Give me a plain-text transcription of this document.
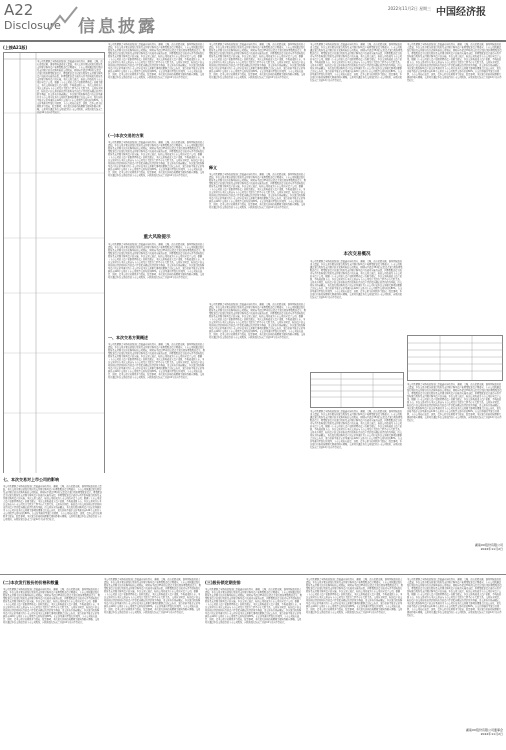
A22
Disclosure 信息披露
2022年11月2日 星期三 中国经济报
(上接A21版)

本公司及董事会全体成员保证信息披露内容的真实、准确、完整，没有虚假记载、误导性陈述或重大遗漏。本次交易方案包括发行股份及支付现金购买资产和募集配套资金两部分。上市公司拟通过发行股份及支付现金的方式购买标的公司股权，同时向不超过35名特定投资者发行股份募集配套资金。募集配套资金以发行股份及支付现金购买资产的成功实施为前提，但募集配套资金成功与否不影响发行股份及支付现金购买资产的实施。本次交易完成后，标的公司将成为上市公司的全资子公司。根据《上市公司重大资产重组管理办法》的相关规定，本次交易构成重大资产重组，不构成重组上市。本次交易对方在本次交易前与上市公司及其关联方之间不存在关联关系。交易各方同意，标的资产的交易价格以评估机构出具的资产评估报告确定的评估值为基础，由交易各方协商确定。本次发行股份购买资产的定价基准日为上市公司审议本次交易相关事项的董事会决议公告日，发行价格不低于定价基准日前120个交易日上市公司股票交易均价的80%。在定价基准日至发行日期间，上市公司如有派息、送股、资本公积金转增股本等除权、除息事项，本次发行价格将按照相关规则作相应调整。交易对方通过本次交易取得的上市公司股份，自股份发行结束之日起12个月内不得转让。

七、本次交易对上市公司的影响

本公司及董事会全体成员保证信息披露内容的真实、准确、完整，没有虚假记载、误导性陈述或重大遗漏。本次交易方案包括发行股份及支付现金购买资产和募集配套资金两部分。上市公司拟通过发行股份及支付现金的方式购买标的公司股权，同时向不超过35名特定投资者发行股份募集配套资金。募集配套资金以发行股份及支付现金购买资产的成功实施为前提，但募集配套资金成功与否不影响发行股份及支付现金购买资产的实施。本次交易完成后，标的公司将成为上市公司的全资子公司。根据《上市公司重大资产重组管理办法》的相关规定，本次交易构成重大资产重组，不构成重组上市。本次交易对方在本次交易前与上市公司及其关联方之间不存在关联关系。交易各方同意，标的资产的交易价格以评估机构出具的资产评估报告确定的评估值为基础，由交易各方协商确定。本次发行股份购买资产的定价基准日为上市公司审议本次交易相关事项的董事会决议公告日，发行价格不低于定价基准日前120个交易日上市公司股票交易均价的80%。在定价基准日至发行日期间，上市公司如有派息、送股、资本公积金转增股本等除权、除息事项，本次发行价格将按照相关规则作相应调整。交易对方通过本次交易取得的上市公司股份，自股份发行结束之日起12个月内不得转让。

本公司及董事会全体成员保证信息披露内容的真实、准确、完整，没有虚假记载、误导性陈述或重大遗漏。本次交易方案包括发行股份及支付现金购买资产和募集配套资金两部分。上市公司拟通过发行股份及支付现金的方式购买标的公司股权，同时向不超过35名特定投资者发行股份募集配套资金。募集配套资金以发行股份及支付现金购买资产的成功实施为前提，但募集配套资金成功与否不影响发行股份及支付现金购买资产的实施。本次交易完成后，标的公司将成为上市公司的全资子公司。根据《上市公司重大资产重组管理办法》的相关规定，本次交易构成重大资产重组，不构成重组上市。本次交易对方在本次交易前与上市公司及其关联方之间不存在关联关系。交易各方同意，标的资产的交易价格以评估机构出具的资产评估报告确定的评估值为基础，由交易各方协商确定。本次发行股份购买资产的定价基准日为上市公司审议本次交易相关事项的董事会决议公告日，发行价格不低于定价基准日前120个交易日上市公司股票交易均价的80%。在定价基准日至发行日期间，上市公司如有派息、送股、资本公积金转增股本等除权、除息事项，本次发行价格将按照相关规则作相应调整。交易对方通过本次交易取得的上市公司股份，自股份发行结束之日起12个月内不得转让。

(一)本次交易的方案

本公司及董事会全体成员保证信息披露内容的真实、准确、完整，没有虚假记载、误导性陈述或重大遗漏。本次交易方案包括发行股份及支付现金购买资产和募集配套资金两部分。上市公司拟通过发行股份及支付现金的方式购买标的公司股权，同时向不超过35名特定投资者发行股份募集配套资金。募集配套资金以发行股份及支付现金购买资产的成功实施为前提，但募集配套资金成功与否不影响发行股份及支付现金购买资产的实施。本次交易完成后，标的公司将成为上市公司的全资子公司。根据《上市公司重大资产重组管理办法》的相关规定，本次交易构成重大资产重组，不构成重组上市。本次交易对方在本次交易前与上市公司及其关联方之间不存在关联关系。交易各方同意，标的资产的交易价格以评估机构出具的资产评估报告确定的评估值为基础，由交易各方协商确定。本次发行股份购买资产的定价基准日为上市公司审议本次交易相关事项的董事会决议公告日，发行价格不低于定价基准日前120个交易日上市公司股票交易均价的80%。在定价基准日至发行日期间，上市公司如有派息、送股、资本公积金转增股本等除权、除息事项，本次发行价格将按照相关规则作相应调整。交易对方通过本次交易取得的上市公司股份，自股份发行结束之日起12个月内不得转让。

重大风险提示

本公司及董事会全体成员保证信息披露内容的真实、准确、完整，没有虚假记载、误导性陈述或重大遗漏。本次交易方案包括发行股份及支付现金购买资产和募集配套资金两部分。上市公司拟通过发行股份及支付现金的方式购买标的公司股权，同时向不超过35名特定投资者发行股份募集配套资金。募集配套资金以发行股份及支付现金购买资产的成功实施为前提，但募集配套资金成功与否不影响发行股份及支付现金购买资产的实施。本次交易完成后，标的公司将成为上市公司的全资子公司。根据《上市公司重大资产重组管理办法》的相关规定，本次交易构成重大资产重组，不构成重组上市。本次交易对方在本次交易前与上市公司及其关联方之间不存在关联关系。交易各方同意，标的资产的交易价格以评估机构出具的资产评估报告确定的评估值为基础，由交易各方协商确定。本次发行股份购买资产的定价基准日为上市公司审议本次交易相关事项的董事会决议公告日，发行价格不低于定价基准日前120个交易日上市公司股票交易均价的80%。在定价基准日至发行日期间，上市公司如有派息、送股、资本公积金转增股本等除权、除息事项，本次发行价格将按照相关规则作相应调整。交易对方通过本次交易取得的上市公司股份，自股份发行结束之日起12个月内不得转让。

一、本次交易方案概述

本公司及董事会全体成员保证信息披露内容的真实、准确、完整，没有虚假记载、误导性陈述或重大遗漏。本次交易方案包括发行股份及支付现金购买资产和募集配套资金两部分。上市公司拟通过发行股份及支付现金的方式购买标的公司股权，同时向不超过35名特定投资者发行股份募集配套资金。募集配套资金以发行股份及支付现金购买资产的成功实施为前提，但募集配套资金成功与否不影响发行股份及支付现金购买资产的实施。本次交易完成后，标的公司将成为上市公司的全资子公司。根据《上市公司重大资产重组管理办法》的相关规定，本次交易构成重大资产重组，不构成重组上市。本次交易对方在本次交易前与上市公司及其关联方之间不存在关联关系。交易各方同意，标的资产的交易价格以评估机构出具的资产评估报告确定的评估值为基础，由交易各方协商确定。本次发行股份购买资产的定价基准日为上市公司审议本次交易相关事项的董事会决议公告日，发行价格不低于定价基准日前120个交易日上市公司股票交易均价的80%。在定价基准日至发行日期间，上市公司如有派息、送股、资本公积金转增股本等除权、除息事项，本次发行价格将按照相关规则作相应调整。交易对方通过本次交易取得的上市公司股份，自股份发行结束之日起12个月内不得转让。

本公司及董事会全体成员保证信息披露内容的真实、准确、完整，没有虚假记载、误导性陈述或重大遗漏。本次交易方案包括发行股份及支付现金购买资产和募集配套资金两部分。上市公司拟通过发行股份及支付现金的方式购买标的公司股权，同时向不超过35名特定投资者发行股份募集配套资金。募集配套资金以发行股份及支付现金购买资产的成功实施为前提，但募集配套资金成功与否不影响发行股份及支付现金购买资产的实施。本次交易完成后，标的公司将成为上市公司的全资子公司。根据《上市公司重大资产重组管理办法》的相关规定，本次交易构成重大资产重组，不构成重组上市。本次交易对方在本次交易前与上市公司及其关联方之间不存在关联关系。交易各方同意，标的资产的交易价格以评估机构出具的资产评估报告确定的评估值为基础，由交易各方协商确定。本次发行股份购买资产的定价基准日为上市公司审议本次交易相关事项的董事会决议公告日，发行价格不低于定价基准日前120个交易日上市公司股票交易均价的80%。在定价基准日至发行日期间，上市公司如有派息、送股、资本公积金转增股本等除权、除息事项，本次发行价格将按照相关规则作相应调整。交易对方通过本次交易取得的上市公司股份，自股份发行结束之日起12个月内不得转让。

释义

本公司及董事会全体成员保证信息披露内容的真实、准确、完整，没有虚假记载、误导性陈述或重大遗漏。本次交易方案包括发行股份及支付现金购买资产和募集配套资金两部分。上市公司拟通过发行股份及支付现金的方式购买标的公司股权，同时向不超过35名特定投资者发行股份募集配套资金。募集配套资金以发行股份及支付现金购买资产的成功实施为前提，但募集配套资金成功与否不影响发行股份及支付现金购买资产的实施。本次交易完成后，标的公司将成为上市公司的全资子公司。根据《上市公司重大资产重组管理办法》的相关规定，本次交易构成重大资产重组，不构成重组上市。本次交易对方在本次交易前与上市公司及其关联方之间不存在关联关系。交易各方同意，标的资产的交易价格以评估机构出具的资产评估报告确定的评估值为基础，由交易各方协商确定。本次发行股份购买资产的定价基准日为上市公司审议本次交易相关事项的董事会决议公告日，发行价格不低于定价基准日前120个交易日上市公司股票交易均价的80%。在定价基准日至发行日期间，上市公司如有派息、送股、资本公积金转增股本等除权、除息事项，本次发行价格将按照相关规则作相应调整。交易对方通过本次交易取得的上市公司股份，自股份发行结束之日起12个月内不得转让。

本公司及董事会全体成员保证信息披露内容的真实、准确、完整，没有虚假记载、误导性陈述或重大遗漏。本次交易方案包括发行股份及支付现金购买资产和募集配套资金两部分。上市公司拟通过发行股份及支付现金的方式购买标的公司股权，同时向不超过35名特定投资者发行股份募集配套资金。募集配套资金以发行股份及支付现金购买资产的成功实施为前提，但募集配套资金成功与否不影响发行股份及支付现金购买资产的实施。本次交易完成后，标的公司将成为上市公司的全资子公司。根据《上市公司重大资产重组管理办法》的相关规定，本次交易构成重大资产重组，不构成重组上市。本次交易对方在本次交易前与上市公司及其关联方之间不存在关联关系。交易各方同意，标的资产的交易价格以评估机构出具的资产评估报告确定的评估值为基础，由交易各方协商确定。本次发行股份购买资产的定价基准日为上市公司审议本次交易相关事项的董事会决议公告日，发行价格不低于定价基准日前120个交易日上市公司股票交易均价的80%。在定价基准日至发行日期间，上市公司如有派息、送股、资本公积金转增股本等除权、除息事项，本次发行价格将按照相关规则作相应调整。交易对方通过本次交易取得的上市公司股份，自股份发行结束之日起12个月内不得转让。

本公司及董事会全体成员保证信息披露内容的真实、准确、完整，没有虚假记载、误导性陈述或重大遗漏。本次交易方案包括发行股份及支付现金购买资产和募集配套资金两部分。上市公司拟通过发行股份及支付现金的方式购买标的公司股权，同时向不超过35名特定投资者发行股份募集配套资金。募集配套资金以发行股份及支付现金购买资产的成功实施为前提，但募集配套资金成功与否不影响发行股份及支付现金购买资产的实施。本次交易完成后，标的公司将成为上市公司的全资子公司。根据《上市公司重大资产重组管理办法》的相关规定，本次交易构成重大资产重组，不构成重组上市。本次交易对方在本次交易前与上市公司及其关联方之间不存在关联关系。交易各方同意，标的资产的交易价格以评估机构出具的资产评估报告确定的评估值为基础，由交易各方协商确定。本次发行股份购买资产的定价基准日为上市公司审议本次交易相关事项的董事会决议公告日，发行价格不低于定价基准日前120个交易日上市公司股票交易均价的80%。在定价基准日至发行日期间，上市公司如有派息、送股、资本公积金转增股本等除权、除息事项，本次发行价格将按照相关规则作相应调整。交易对方通过本次交易取得的上市公司股份，自股份发行结束之日起12个月内不得转让。

本次交易概况

本公司及董事会全体成员保证信息披露内容的真实、准确、完整，没有虚假记载、误导性陈述或重大遗漏。本次交易方案包括发行股份及支付现金购买资产和募集配套资金两部分。上市公司拟通过发行股份及支付现金的方式购买标的公司股权，同时向不超过35名特定投资者发行股份募集配套资金。募集配套资金以发行股份及支付现金购买资产的成功实施为前提，但募集配套资金成功与否不影响发行股份及支付现金购买资产的实施。本次交易完成后，标的公司将成为上市公司的全资子公司。根据《上市公司重大资产重组管理办法》的相关规定，本次交易构成重大资产重组，不构成重组上市。本次交易对方在本次交易前与上市公司及其关联方之间不存在关联关系。交易各方同意，标的资产的交易价格以评估机构出具的资产评估报告确定的评估值为基础，由交易各方协商确定。本次发行股份购买资产的定价基准日为上市公司审议本次交易相关事项的董事会决议公告日，发行价格不低于定价基准日前120个交易日上市公司股票交易均价的80%。在定价基准日至发行日期间，上市公司如有派息、送股、资本公积金转增股本等除权、除息事项，本次发行价格将按照相关规则作相应调整。交易对方通过本次交易取得的上市公司股份，自股份发行结束之日起12个月内不得转让。

本公司及董事会全体成员保证信息披露内容的真实、准确、完整，没有虚假记载、误导性陈述或重大遗漏。本次交易方案包括发行股份及支付现金购买资产和募集配套资金两部分。上市公司拟通过发行股份及支付现金的方式购买标的公司股权，同时向不超过35名特定投资者发行股份募集配套资金。募集配套资金以发行股份及支付现金购买资产的成功实施为前提，但募集配套资金成功与否不影响发行股份及支付现金购买资产的实施。本次交易完成后，标的公司将成为上市公司的全资子公司。根据《上市公司重大资产重组管理办法》的相关规定，本次交易构成重大资产重组，不构成重组上市。本次交易对方在本次交易前与上市公司及其关联方之间不存在关联关系。交易各方同意，标的资产的交易价格以评估机构出具的资产评估报告确定的评估值为基础，由交易各方协商确定。本次发行股份购买资产的定价基准日为上市公司审议本次交易相关事项的董事会决议公告日，发行价格不低于定价基准日前120个交易日上市公司股票交易均价的80%。在定价基准日至发行日期间，上市公司如有派息、送股、资本公积金转增股本等除权、除息事项，本次发行价格将按照相关规则作相应调整。交易对方通过本次交易取得的上市公司股份，自股份发行结束之日起12个月内不得转让。

本公司及董事会全体成员保证信息披露内容的真实、准确、完整，没有虚假记载、误导性陈述或重大遗漏。本次交易方案包括发行股份及支付现金购买资产和募集配套资金两部分。上市公司拟通过发行股份及支付现金的方式购买标的公司股权，同时向不超过35名特定投资者发行股份募集配套资金。募集配套资金以发行股份及支付现金购买资产的成功实施为前提，但募集配套资金成功与否不影响发行股份及支付现金购买资产的实施。本次交易完成后，标的公司将成为上市公司的全资子公司。根据《上市公司重大资产重组管理办法》的相关规定，本次交易构成重大资产重组，不构成重组上市。本次交易对方在本次交易前与上市公司及其关联方之间不存在关联关系。交易各方同意，标的资产的交易价格以评估机构出具的资产评估报告确定的评估值为基础，由交易各方协商确定。本次发行股份购买资产的定价基准日为上市公司审议本次交易相关事项的董事会决议公告日，发行价格不低于定价基准日前120个交易日上市公司股票交易均价的80%。在定价基准日至发行日期间，上市公司如有派息、送股、资本公积金转增股本等除权、除息事项，本次发行价格将按照相关规则作相应调整。交易对方通过本次交易取得的上市公司股份，自股份发行结束之日起12个月内不得转让。

本公司及董事会全体成员保证信息披露内容的真实、准确、完整，没有虚假记载、误导性陈述或重大遗漏。本次交易方案包括发行股份及支付现金购买资产和募集配套资金两部分。上市公司拟通过发行股份及支付现金的方式购买标的公司股权，同时向不超过35名特定投资者发行股份募集配套资金。募集配套资金以发行股份及支付现金购买资产的成功实施为前提，但募集配套资金成功与否不影响发行股份及支付现金购买资产的实施。本次交易完成后，标的公司将成为上市公司的全资子公司。根据《上市公司重大资产重组管理办法》的相关规定，本次交易构成重大资产重组，不构成重组上市。本次交易对方在本次交易前与上市公司及其关联方之间不存在关联关系。交易各方同意，标的资产的交易价格以评估机构出具的资产评估报告确定的评估值为基础，由交易各方协商确定。本次发行股份购买资产的定价基准日为上市公司审议本次交易相关事项的董事会决议公告日，发行价格不低于定价基准日前120个交易日上市公司股票交易均价的80%。在定价基准日至发行日期间，上市公司如有派息、送股、资本公积金转增股本等除权、除息事项，本次发行价格将按照相关规则作相应调整。交易对方通过本次交易取得的上市公司股份，自股份发行结束之日起12个月内不得转让。

湖南XX股份有限公司
2022年11月2日
(二)本次发行股份的价格和数量

本公司及董事会全体成员保证信息披露内容的真实、准确、完整，没有虚假记载、误导性陈述或重大遗漏。本次交易方案包括发行股份及支付现金购买资产和募集配套资金两部分。上市公司拟通过发行股份及支付现金的方式购买标的公司股权，同时向不超过35名特定投资者发行股份募集配套资金。募集配套资金以发行股份及支付现金购买资产的成功实施为前提，但募集配套资金成功与否不影响发行股份及支付现金购买资产的实施。本次交易完成后，标的公司将成为上市公司的全资子公司。根据《上市公司重大资产重组管理办法》的相关规定，本次交易构成重大资产重组，不构成重组上市。本次交易对方在本次交易前与上市公司及其关联方之间不存在关联关系。交易各方同意，标的资产的交易价格以评估机构出具的资产评估报告确定的评估值为基础，由交易各方协商确定。本次发行股份购买资产的定价基准日为上市公司审议本次交易相关事项的董事会决议公告日，发行价格不低于定价基准日前120个交易日上市公司股票交易均价的80%。在定价基准日至发行日期间，上市公司如有派息、送股、资本公积金转增股本等除权、除息事项，本次发行价格将按照相关规则作相应调整。交易对方通过本次交易取得的上市公司股份，自股份发行结束之日起12个月内不得转让。

本公司及董事会全体成员保证信息披露内容的真实、准确、完整，没有虚假记载、误导性陈述或重大遗漏。本次交易方案包括发行股份及支付现金购买资产和募集配套资金两部分。上市公司拟通过发行股份及支付现金的方式购买标的公司股权，同时向不超过35名特定投资者发行股份募集配套资金。募集配套资金以发行股份及支付现金购买资产的成功实施为前提，但募集配套资金成功与否不影响发行股份及支付现金购买资产的实施。本次交易完成后，标的公司将成为上市公司的全资子公司。根据《上市公司重大资产重组管理办法》的相关规定，本次交易构成重大资产重组，不构成重组上市。本次交易对方在本次交易前与上市公司及其关联方之间不存在关联关系。交易各方同意，标的资产的交易价格以评估机构出具的资产评估报告确定的评估值为基础，由交易各方协商确定。本次发行股份购买资产的定价基准日为上市公司审议本次交易相关事项的董事会决议公告日，发行价格不低于定价基准日前120个交易日上市公司股票交易均价的80%。在定价基准日至发行日期间，上市公司如有派息、送股、资本公积金转增股本等除权、除息事项，本次发行价格将按照相关规则作相应调整。交易对方通过本次交易取得的上市公司股份，自股份发行结束之日起12个月内不得转让。

(三)股份锁定期安排

本公司及董事会全体成员保证信息披露内容的真实、准确、完整，没有虚假记载、误导性陈述或重大遗漏。本次交易方案包括发行股份及支付现金购买资产和募集配套资金两部分。上市公司拟通过发行股份及支付现金的方式购买标的公司股权，同时向不超过35名特定投资者发行股份募集配套资金。募集配套资金以发行股份及支付现金购买资产的成功实施为前提，但募集配套资金成功与否不影响发行股份及支付现金购买资产的实施。本次交易完成后，标的公司将成为上市公司的全资子公司。根据《上市公司重大资产重组管理办法》的相关规定，本次交易构成重大资产重组，不构成重组上市。本次交易对方在本次交易前与上市公司及其关联方之间不存在关联关系。交易各方同意，标的资产的交易价格以评估机构出具的资产评估报告确定的评估值为基础，由交易各方协商确定。本次发行股份购买资产的定价基准日为上市公司审议本次交易相关事项的董事会决议公告日，发行价格不低于定价基准日前120个交易日上市公司股票交易均价的80%。在定价基准日至发行日期间，上市公司如有派息、送股、资本公积金转增股本等除权、除息事项，本次发行价格将按照相关规则作相应调整。交易对方通过本次交易取得的上市公司股份，自股份发行结束之日起12个月内不得转让。

本公司及董事会全体成员保证信息披露内容的真实、准确、完整，没有虚假记载、误导性陈述或重大遗漏。本次交易方案包括发行股份及支付现金购买资产和募集配套资金两部分。上市公司拟通过发行股份及支付现金的方式购买标的公司股权，同时向不超过35名特定投资者发行股份募集配套资金。募集配套资金以发行股份及支付现金购买资产的成功实施为前提，但募集配套资金成功与否不影响发行股份及支付现金购买资产的实施。本次交易完成后，标的公司将成为上市公司的全资子公司。根据《上市公司重大资产重组管理办法》的相关规定，本次交易构成重大资产重组，不构成重组上市。本次交易对方在本次交易前与上市公司及其关联方之间不存在关联关系。交易各方同意，标的资产的交易价格以评估机构出具的资产评估报告确定的评估值为基础，由交易各方协商确定。本次发行股份购买资产的定价基准日为上市公司审议本次交易相关事项的董事会决议公告日，发行价格不低于定价基准日前120个交易日上市公司股票交易均价的80%。在定价基准日至发行日期间，上市公司如有派息、送股、资本公积金转增股本等除权、除息事项，本次发行价格将按照相关规则作相应调整。交易对方通过本次交易取得的上市公司股份，自股份发行结束之日起12个月内不得转让。

本公司及董事会全体成员保证信息披露内容的真实、准确、完整，没有虚假记载、误导性陈述或重大遗漏。本次交易方案包括发行股份及支付现金购买资产和募集配套资金两部分。上市公司拟通过发行股份及支付现金的方式购买标的公司股权，同时向不超过35名特定投资者发行股份募集配套资金。募集配套资金以发行股份及支付现金购买资产的成功实施为前提，但募集配套资金成功与否不影响发行股份及支付现金购买资产的实施。本次交易完成后，标的公司将成为上市公司的全资子公司。根据《上市公司重大资产重组管理办法》的相关规定，本次交易构成重大资产重组，不构成重组上市。本次交易对方在本次交易前与上市公司及其关联方之间不存在关联关系。交易各方同意，标的资产的交易价格以评估机构出具的资产评估报告确定的评估值为基础，由交易各方协商确定。本次发行股份购买资产的定价基准日为上市公司审议本次交易相关事项的董事会决议公告日，发行价格不低于定价基准日前120个交易日上市公司股票交易均价的80%。在定价基准日至发行日期间，上市公司如有派息、送股、资本公积金转增股本等除权、除息事项，本次发行价格将按照相关规则作相应调整。交易对方通过本次交易取得的上市公司股份，自股份发行结束之日起12个月内不得转让。

湖南XX股份有限公司董事会
2022年11月2日
